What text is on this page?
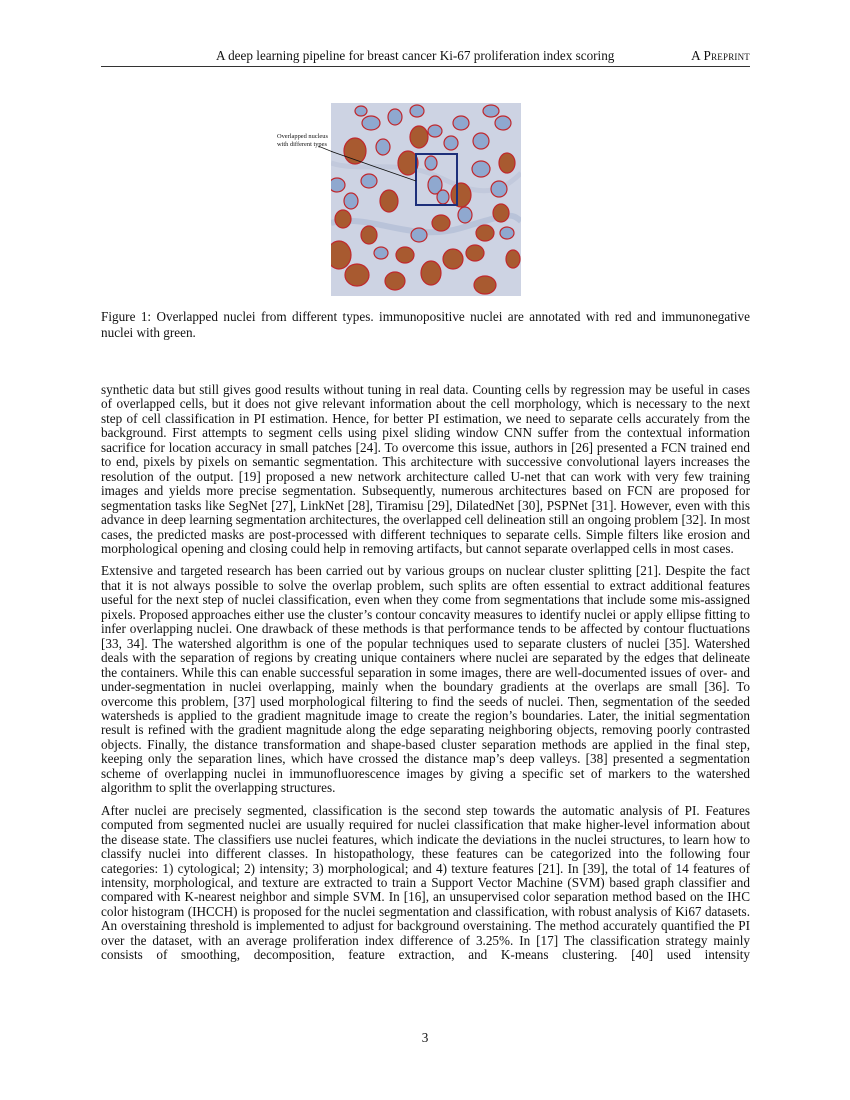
A deep learning pipeline for breast cancer Ki-67 proliferation index scoring	A Preprint
Overlapped nucleus with different types
Figure 1: Overlapped nuclei from different types. immunopositive nuclei are annotated with red and immunonegative nuclei with green.

synthetic data but still gives good results without tuning in real data. Counting cells by regression may be useful in cases of overlapped cells, but it does not give relevant information about the cell morphology, which is necessary to the next step of cell classification in PI estimation. Hence, for better PI estimation, we need to separate cells accurately from the background. First attempts to segment cells using pixel sliding window CNN suffer from the contextual information sacrifice for location accuracy in small patches [24]. To overcome this issue, authors in [26] presented a FCN trained end to end, pixels by pixels on semantic segmentation. This architecture with successive convolutional layers increases the resolution of the output. [19] proposed a new network architecture called U-net that can work with very few training images and yields more precise segmentation. Subsequently, numerous architectures based on FCN are proposed for segmentation tasks like SegNet [27], LinkNet [28], Tiramisu [29], DilatedNet [30], PSPNet [31]. However, even with this advance in deep learning segmentation architectures, the overlapped cell delineation still an ongoing problem [32]. In most cases, the predicted masks are post-processed with different techniques to separate cells. Simple filters like erosion and morphological opening and closing could help in removing artifacts, but cannot separate overlapped cells in most cases.

Extensive and targeted research has been carried out by various groups on nuclear cluster splitting [21]. Despite the fact that it is not always possible to solve the overlap problem, such splits are often essential to extract additional features useful for the next step of nuclei classification, even when they come from segmentations that include some mis-assigned pixels. Proposed approaches either use the cluster’s contour concavity measures to identify nuclei or apply ellipse fitting to infer overlapping nuclei. One drawback of these methods is that performance tends to be affected by contour fluctuations [33, 34]. The watershed algorithm is one of the popular techniques used to separate clusters of nuclei [35]. Watershed deals with the separation of regions by creating unique containers where nuclei are separated by the edges that delineate the containers. While this can enable successful separation in some images, there are well-documented issues of over- and under-segmentation in nuclei overlapping, mainly when the boundary gradients at the overlaps are small [36]. To overcome this problem, [37] used morphological filtering to find the seeds of nuclei. Then, segmentation of the seeded watersheds is applied to the gradient magnitude image to create the region’s boundaries. Later, the initial segmentation result is refined with the gradient magnitude along the edge separating neighboring objects, removing poorly contrasted objects. Finally, the distance transformation and shape-based cluster separation methods are applied in the final step, keeping only the separation lines, which have crossed the distance map’s deep valleys. [38] presented a segmentation scheme of overlapping nuclei in immunofluorescence images by giving a specific set of markers to the watershed algorithm to split the overlapping structures.

After nuclei are precisely segmented, classification is the second step towards the automatic analysis of PI. Features computed from segmented nuclei are usually required for nuclei classification that make higher-level information about the disease state. The classifiers use nuclei features, which indicate the deviations in the nuclei structures, to learn how to classify nuclei into different classes. In histopathology, these features can be categorized into the following four categories: 1) cytological; 2) intensity; 3) morphological; and 4) texture features [21]. In [39], the total of 14 features of intensity, morphological, and texture are extracted to train a Support Vector Machine (SVM) based graph classifier and compared with K-nearest neighbor and simple SVM. In [16], an unsupervised color separation method based on the IHC color histogram (IHCCH) is proposed for the nuclei segmentation and classification, with robust analysis of Ki67 datasets. An overstaining threshold is implemented to adjust for background overstaining. The method accurately quantified the PI over the dataset, with an average proliferation index difference of 3.25%. In [17] The classification strategy mainly consists of smoothing, decomposition, feature extraction, and K-means clustering. [40] used intensity

3
